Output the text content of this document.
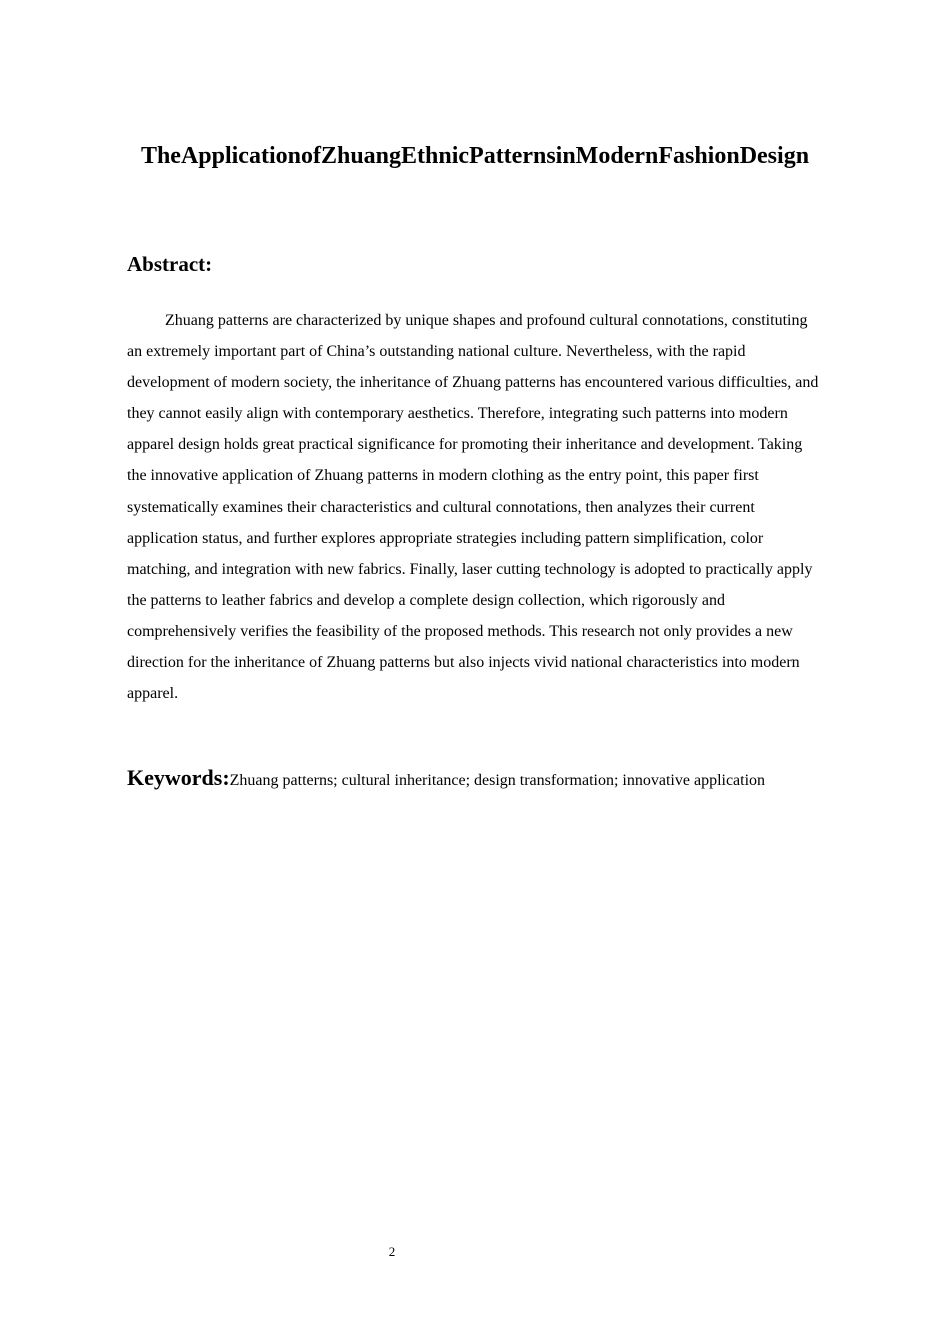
TheApplicationofZhuangEthnicPatternsinModernFashionDesign
Abstract:

Zhuang patterns are characterized by unique shapes and profound cultural connotations, constituting an extremely important part of China’s outstanding national culture. Nevertheless, with the rapid development of modern society, the inheritance of Zhuang patterns has encountered various difficulties, and they cannot easily align with contemporary aesthetics. Therefore, integrating such patterns into modern apparel design holds great practical significance for promoting their inheritance and development. Taking the innovative application of Zhuang patterns in modern clothing as the entry point, this paper first systematically examines their characteristics and cultural connotations, then analyzes their current application status, and further explores appropriate strategies including pattern simplification, color matching, and integration with new fabrics. Finally, laser cutting technology is adopted to practically apply the patterns to leather fabrics and develop a complete design collection, which rigorously and comprehensively verifies the feasibility of the proposed methods. This research not only provides a new direction for the inheritance of Zhuang patterns but also injects vivid national characteristics into modern apparel.

Keywords:Zhuang patterns; cultural inheritance; design transformation; innovative application

2
